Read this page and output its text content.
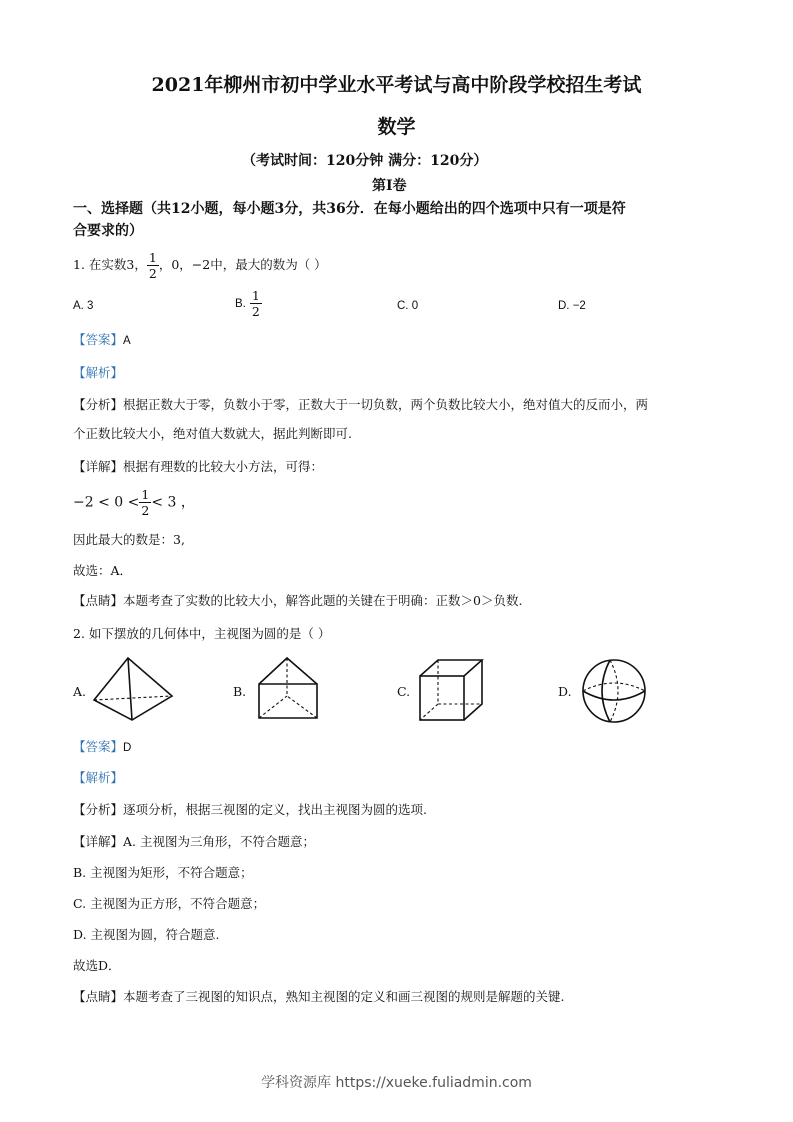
2021年柳州市初中学业水平考试与高中阶段学校招生考试
数学
（考试时间：120分钟 满分：120分）
第Ⅰ卷
一、选择题（共12小题，每小题3分，共36分．在每小题给出的四个选项中只有一项是符
合要求的）
1. 在实数3， $\frac{1}{2}$ ，0，−2中，最大的数为（ ）
A. 3	B. $\frac{1}{2}$	C. 0	D. −2
【答案】A
【解析】
【分析】根据正数大于零，负数小于零，正数大于一切负数，两个负数比较大小，绝对值大的反而小，两
个正数比较大小，绝对值大数就大，据此判断即可.
【详解】根据有理数的比较大小方法，可得：
$-2 < 0 < \frac{1}{2} < 3$ ，
因此最大的数是：3,
故选：A．
【点睛】本题考查了实数的比较大小，解答此题的关键在于明确：正数＞0＞负数.
2. 如下摆放的几何体中，主视图为圆的是（ ）
A.	B.	C.	D.
【答案】D
【解析】
【分析】逐项分析，根据三视图的定义，找出主视图为圆的选项.
【详解】A. 主视图为三角形，不符合题意；
B. 主视图为矩形，不符合题意；
C. 主视图为正方形，不符合题意；
D. 主视图为圆，符合题意.
故选D．
【点睛】本题考查了三视图的知识点，熟知主视图的定义和画三视图的规则是解题的关键.
学科资源库 https://xueke.fuliadmin.com
